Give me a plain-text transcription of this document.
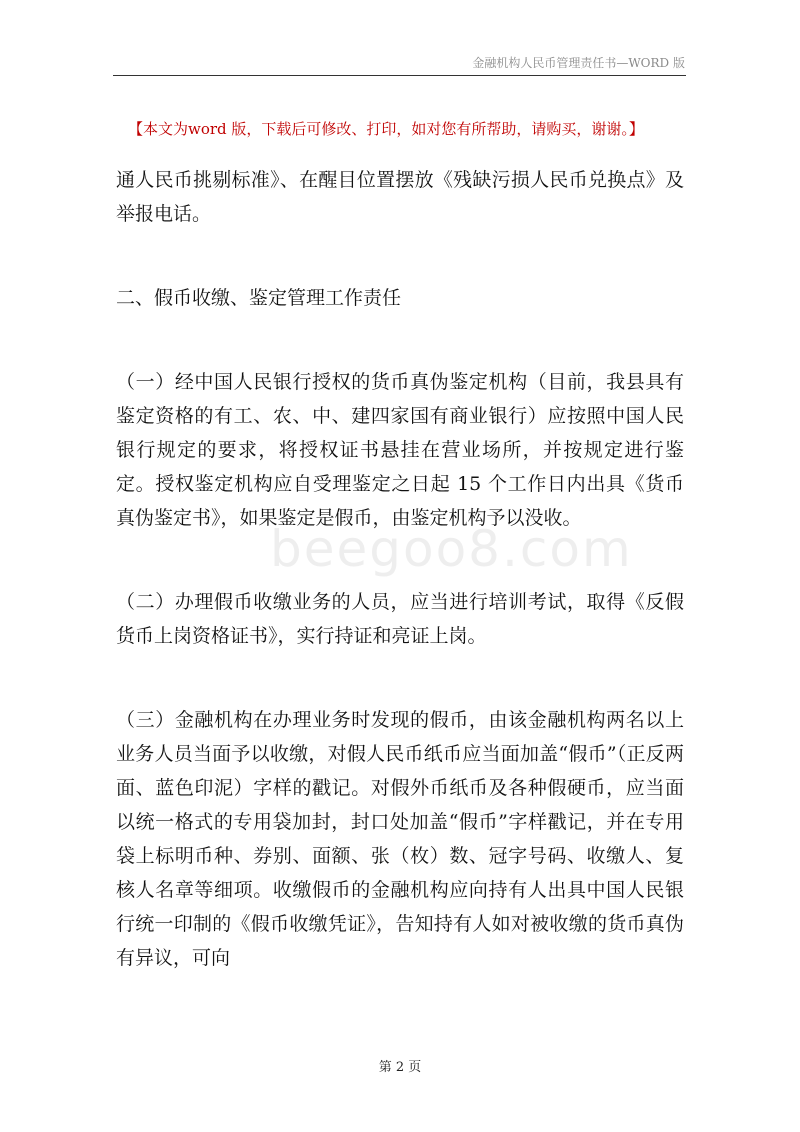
金融机构人民币管理责任书—WORD 版
【本文为word 版，下载后可修改、打印，如对您有所帮助，请购买，谢谢。】

通人民币挑剔标准》、在醒目位置摆放《残缺污损人民币兑换点》及举报电话。

二、假币收缴、鉴定管理工作责任

（一）经中国人民银行授权的货币真伪鉴定机构（目前，我县具有鉴定资格的有工、农、中、建四家国有商业银行）应按照中国人民银行规定的要求，将授权证书悬挂在营业场所，并按规定进行鉴定。授权鉴定机构应自受理鉴定之日起 15 个工作日内出具《货币真伪鉴定书》，如果鉴定是假币，由鉴定机构予以没收。

（二）办理假币收缴业务的人员，应当进行培训考试，取得《反假货币上岗资格证书》，实行持证和亮证上岗。

（三）金融机构在办理业务时发现的假币，由该金融机构两名以上业务人员当面予以收缴，对假人民币纸币应当面加盖“假币”（正反两面、蓝色印泥）字样的戳记。对假外币纸币及各种假硬币，应当面以统一格式的专用袋加封，封口处加盖“假币”字样戳记，并在专用袋上标明币种、券别、面额、张（枚）数、冠字号码、收缴人、复核人名章等细项。收缴假币的金融机构应向持有人出具中国人民银行统一印制的《假币收缴凭证》，告知持有人如对被收缴的货币真伪有异议，可向

beegoo8.com
第 2 页
